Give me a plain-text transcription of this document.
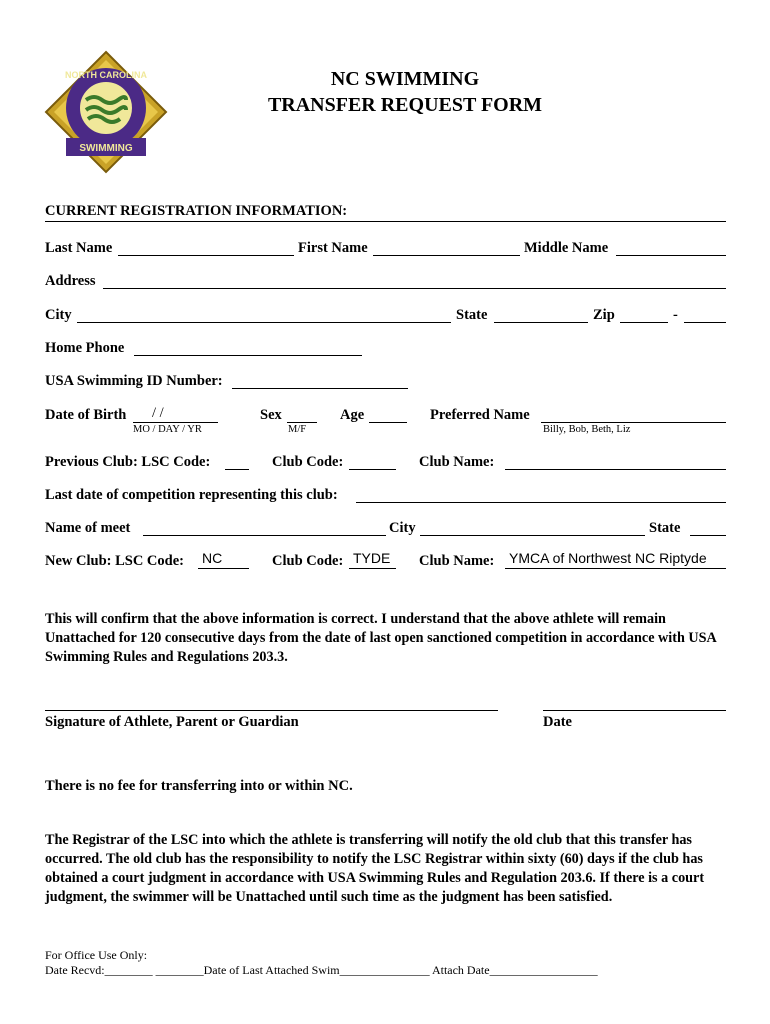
SWIMMING
NORTH CAROLINA	NC SWIMMING
TRANSFER REQUEST FORM
CURRENT REGISTRATION INFORMATION:
Last Name	First Name	Middle Name
Address
City	State	Zip	-
Home Phone
USA Swimming ID Number:
Date of Birth / /
MO / DAY / YR
Sex
M/F
Age	Preferred Name
Billy, Bob, Beth, Liz
Previous Club: LSC Code:	Club Code:	Club Name:
Last date of competition representing this club:
Name of meet	City	State
New Club: LSC Code: NC	Club Code: TYDE	Club Name: YMCA of Northwest NC Riptyde
This will confirm that the above information is correct. I understand that the above athlete will remain Unattached for 120 consecutive days from the date of last open sanctioned competition in accordance with USA Swimming Rules and Regulations 203.3.
Signature of Athlete, Parent or Guardian	Date
There is no fee for transferring into or within NC.
The Registrar of the LSC into which the athlete is transferring will notify the old club that this transfer has occurred. The old club has the responsibility to notify the LSC Registrar within sixty (60) days if the club has obtained a court judgment in accordance with USA Swimming Rules and Regulation 203.6. If there is a court judgment, the swimmer will be Unattached until such time as the judgment has been satisfied.
For Office Use Only:
Date Recvd:________ ________Date of Last Attached Swim_______________ Attach Date__________________
